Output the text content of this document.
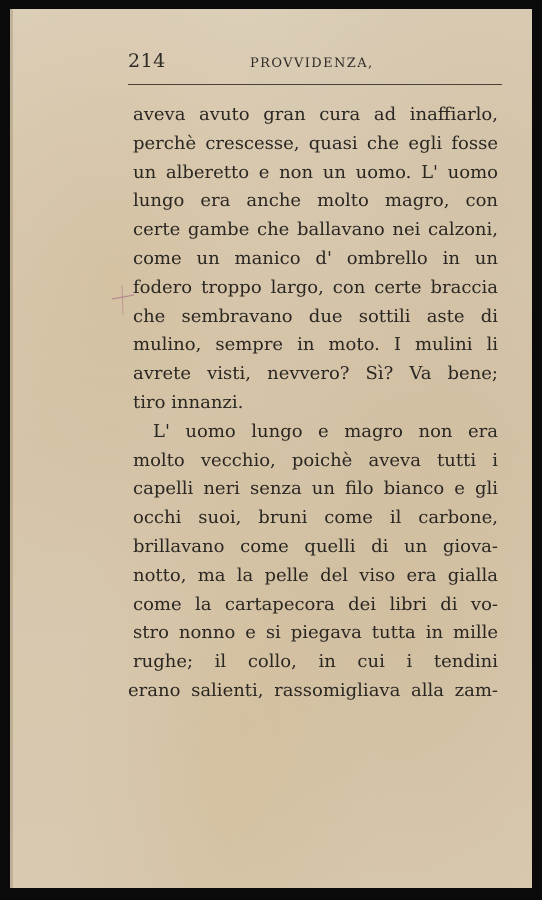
214	PROVVIDENZA,
aveva avuto gran cura ad inaffiarlo,
perchè crescesse, quasi che egli fosse
un alberetto e non un uomo. L' uomo
lungo era anche molto magro, con
certe gambe che ballavano nei calzoni,
come un manico d' ombrello in un
fodero troppo largo, con certe braccia
che sembravano due sottili aste di
mulino, sempre in moto. I mulini li
avrete visti, nevvero? Sì? Va bene;
tiro innanzi.
L' uomo lungo e magro non era
molto vecchio, poichè aveva tutti i
capelli neri senza un filo bianco e gli
occhi suoi, bruni come il carbone,
brillavano come quelli di un giova-
notto, ma la pelle del viso era gialla
come la cartapecora dei libri di vo-
stro nonno e si piegava tutta in mille
rughe; il collo, in cui i tendini
erano salienti, rassomigliava alla zam-
